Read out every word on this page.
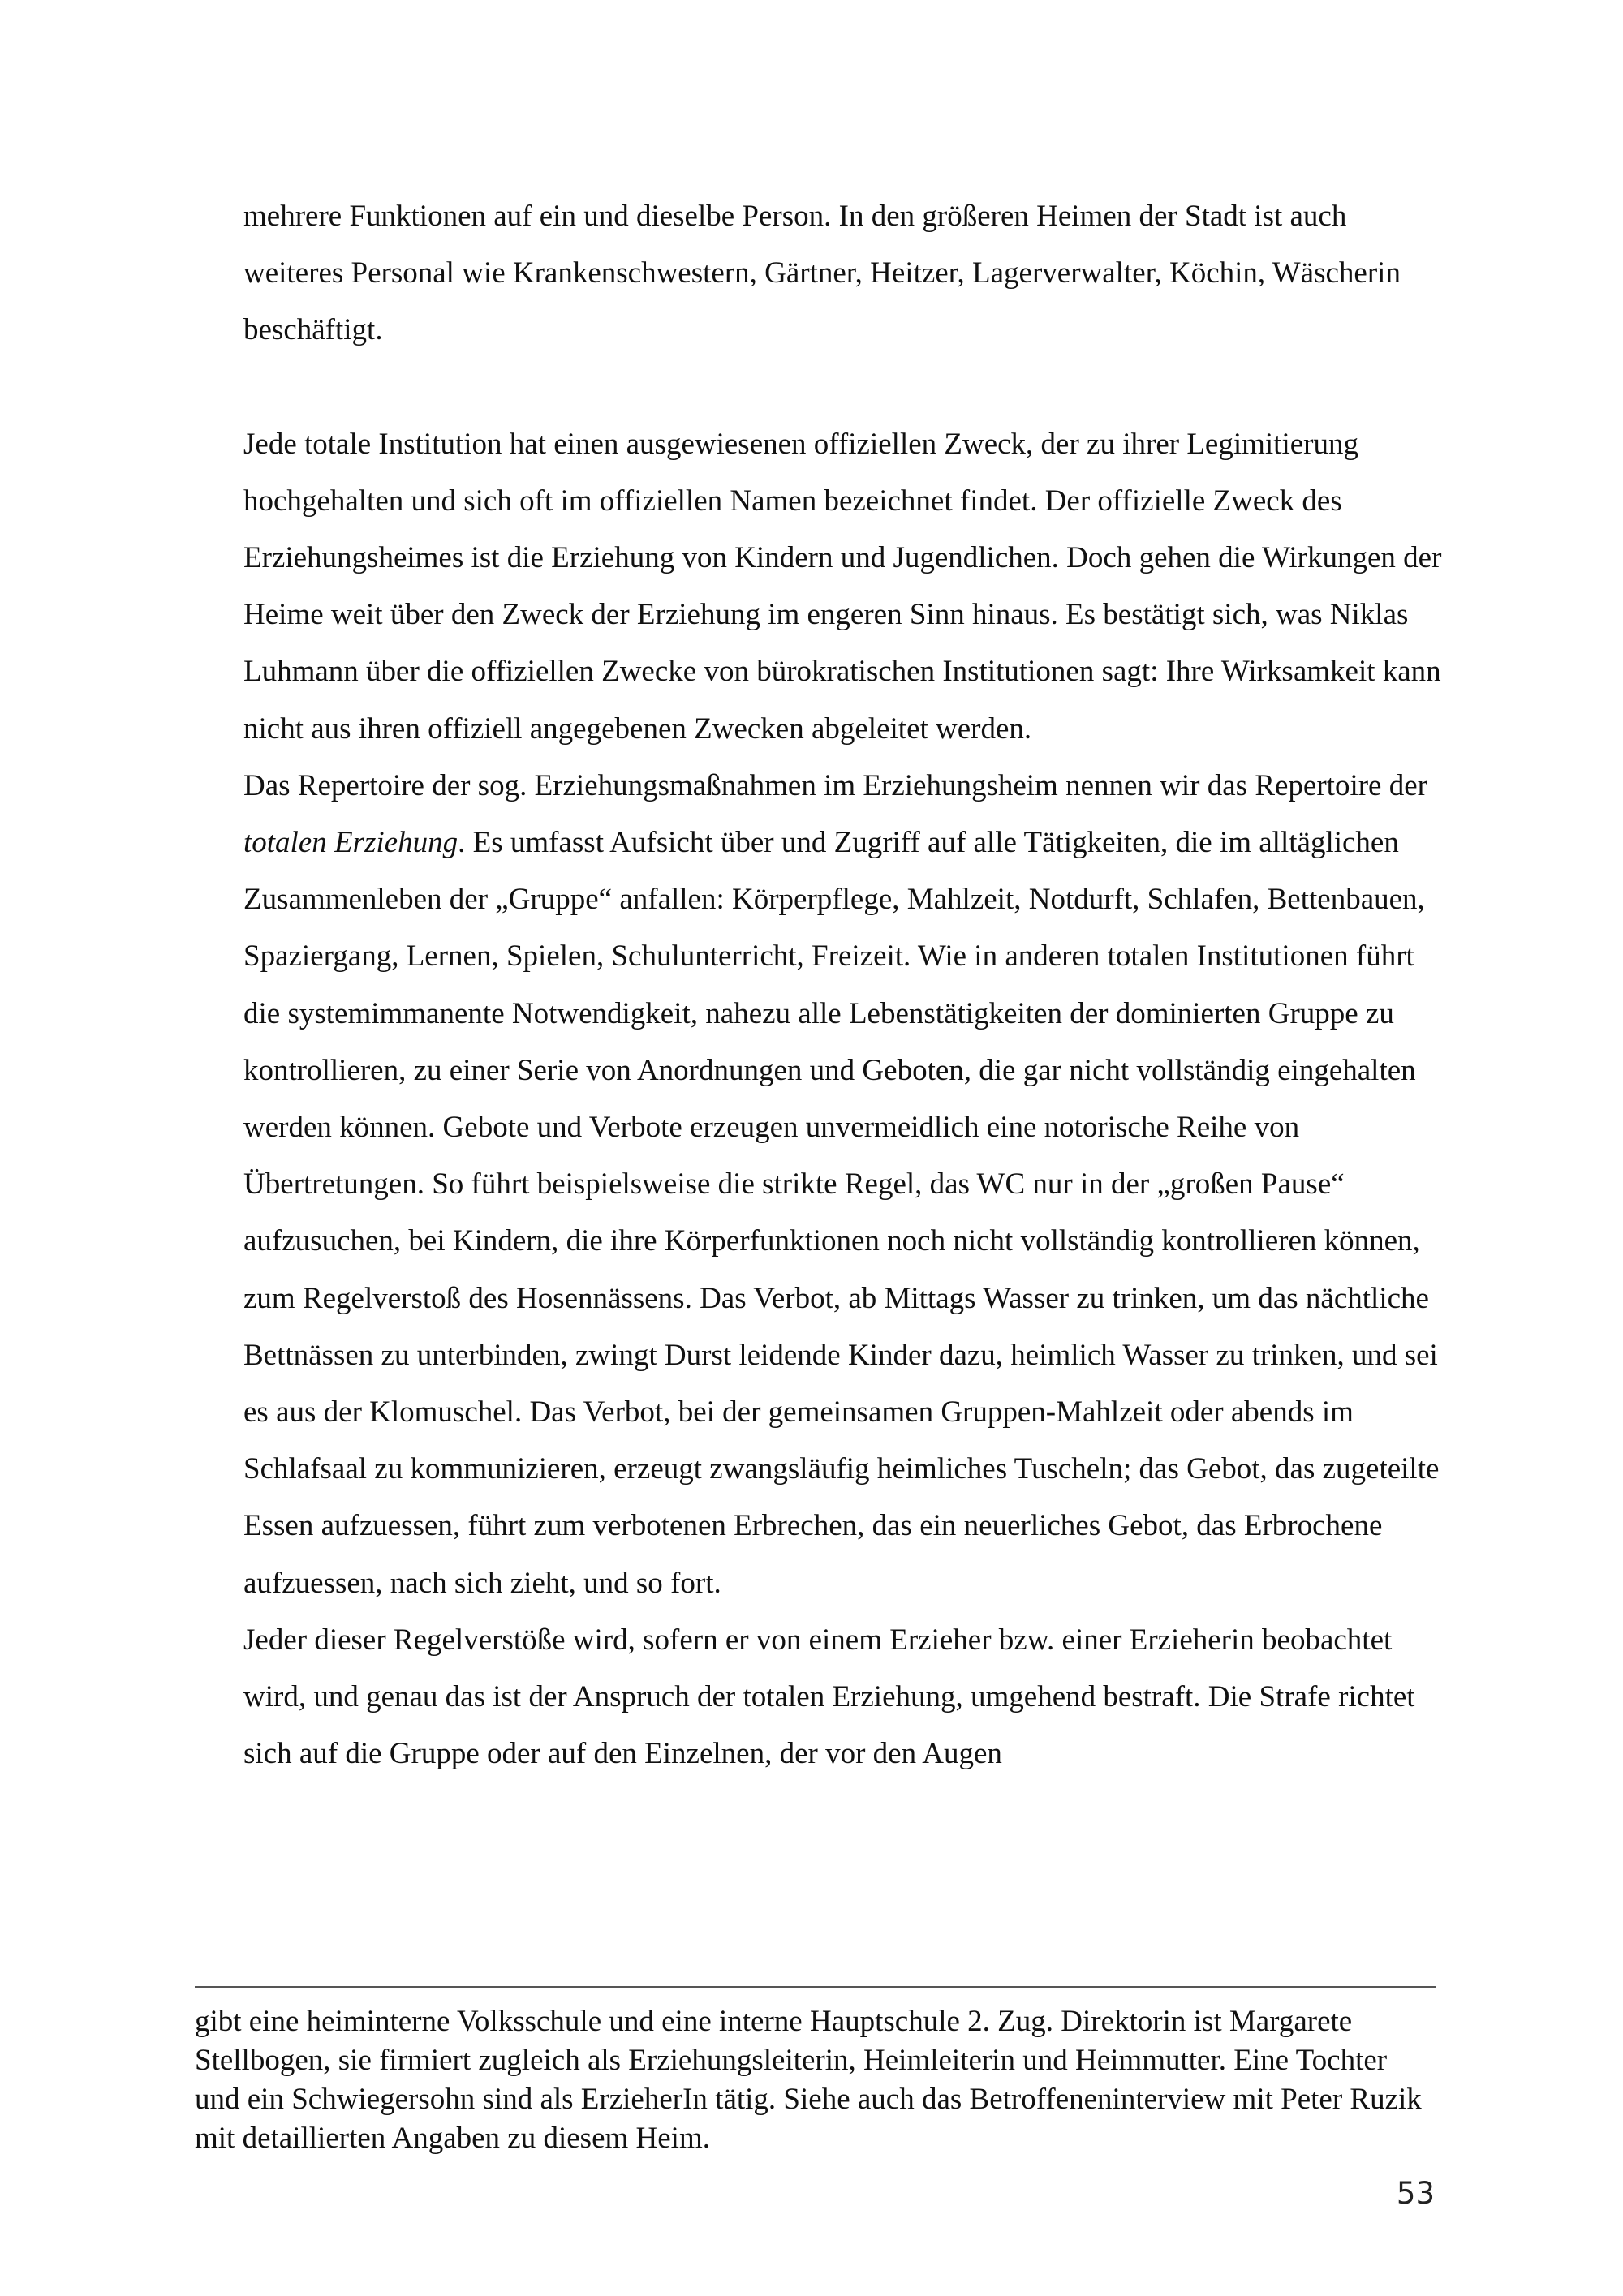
mehrere Funktionen auf ein und dieselbe Person. In den größeren Heimen der Stadt ist auch weiteres Personal wie Krankenschwestern, Gärtner, Heitzer, Lagerverwalter, Köchin, Wäscherin beschäftigt.

Jede totale Institution hat einen ausgewiesenen offiziellen Zweck, der zu ihrer Legimitierung hochgehalten und sich oft im offiziellen Namen bezeichnet findet. Der offizielle Zweck des Erziehungsheimes ist die Erziehung von Kindern und Jugendlichen. Doch gehen die Wirkungen der Heime weit über den Zweck der Erziehung im engeren Sinn hinaus. Es bestätigt sich, was Niklas Luhmann über die offiziellen Zwecke von bürokratischen Institutionen sagt: Ihre Wirksamkeit kann nicht aus ihren offiziell angegebenen Zwecken abgeleitet werden.

Das Repertoire der sog. Erziehungsmaßnahmen im Erziehungsheim nennen wir das Repertoire der totalen Erziehung. Es umfasst Aufsicht über und Zugriff auf alle Tätigkeiten, die im alltäglichen Zusammenleben der „Gruppe“ anfallen: Körperpflege, Mahlzeit, Notdurft, Schlafen, Bettenbauen, Spaziergang, Lernen, Spielen, Schulunterricht, Freizeit. Wie in anderen totalen Institutionen führt die systemimmanente Notwendigkeit, nahezu alle Lebenstätigkeiten der dominierten Gruppe zu kontrollieren, zu einer Serie von Anordnungen und Geboten, die gar nicht vollständig eingehalten werden können. Gebote und Verbote erzeugen unvermeidlich eine notorische Reihe von Übertretungen. So führt beispielsweise die strikte Regel, das WC nur in der „großen Pause“ aufzusuchen, bei Kindern, die ihre Körperfunktionen noch nicht vollständig kontrollieren können, zum Regelverstoß des Hosennässens. Das Verbot, ab Mittags Wasser zu trinken, um das nächtliche Bettnässen zu unterbinden, zwingt Durst leidende Kinder dazu, heimlich Wasser zu trinken, und sei es aus der Klomuschel. Das Verbot, bei der gemeinsamen Gruppen-Mahlzeit oder abends im Schlafsaal zu kommunizieren, erzeugt zwangsläufig heimliches Tuscheln; das Gebot, das zugeteilte Essen aufzuessen, führt zum verbotenen Erbrechen, das ein neuerliches Gebot, das Erbrochene aufzuessen, nach sich zieht, und so fort.

Jeder dieser Regelverstöße wird, sofern er von einem Erzieher bzw. einer Erzieherin beobachtet wird, und genau das ist der Anspruch der totalen Erziehung, umgehend bestraft. Die Strafe richtet sich auf die Gruppe oder auf den Einzelnen, der vor den Augen

gibt eine heiminterne Volksschule und eine interne Hauptschule 2. Zug. Direktorin ist Margarete Stellbogen, sie firmiert zugleich als Erziehungsleiterin, Heimleiterin und Heimmutter. Eine Tochter und ein Schwiegersohn sind als ErzieherIn tätig. Siehe auch das Betroffeneninterview mit Peter Ruzik mit detaillierten Angaben zu diesem Heim.

53
